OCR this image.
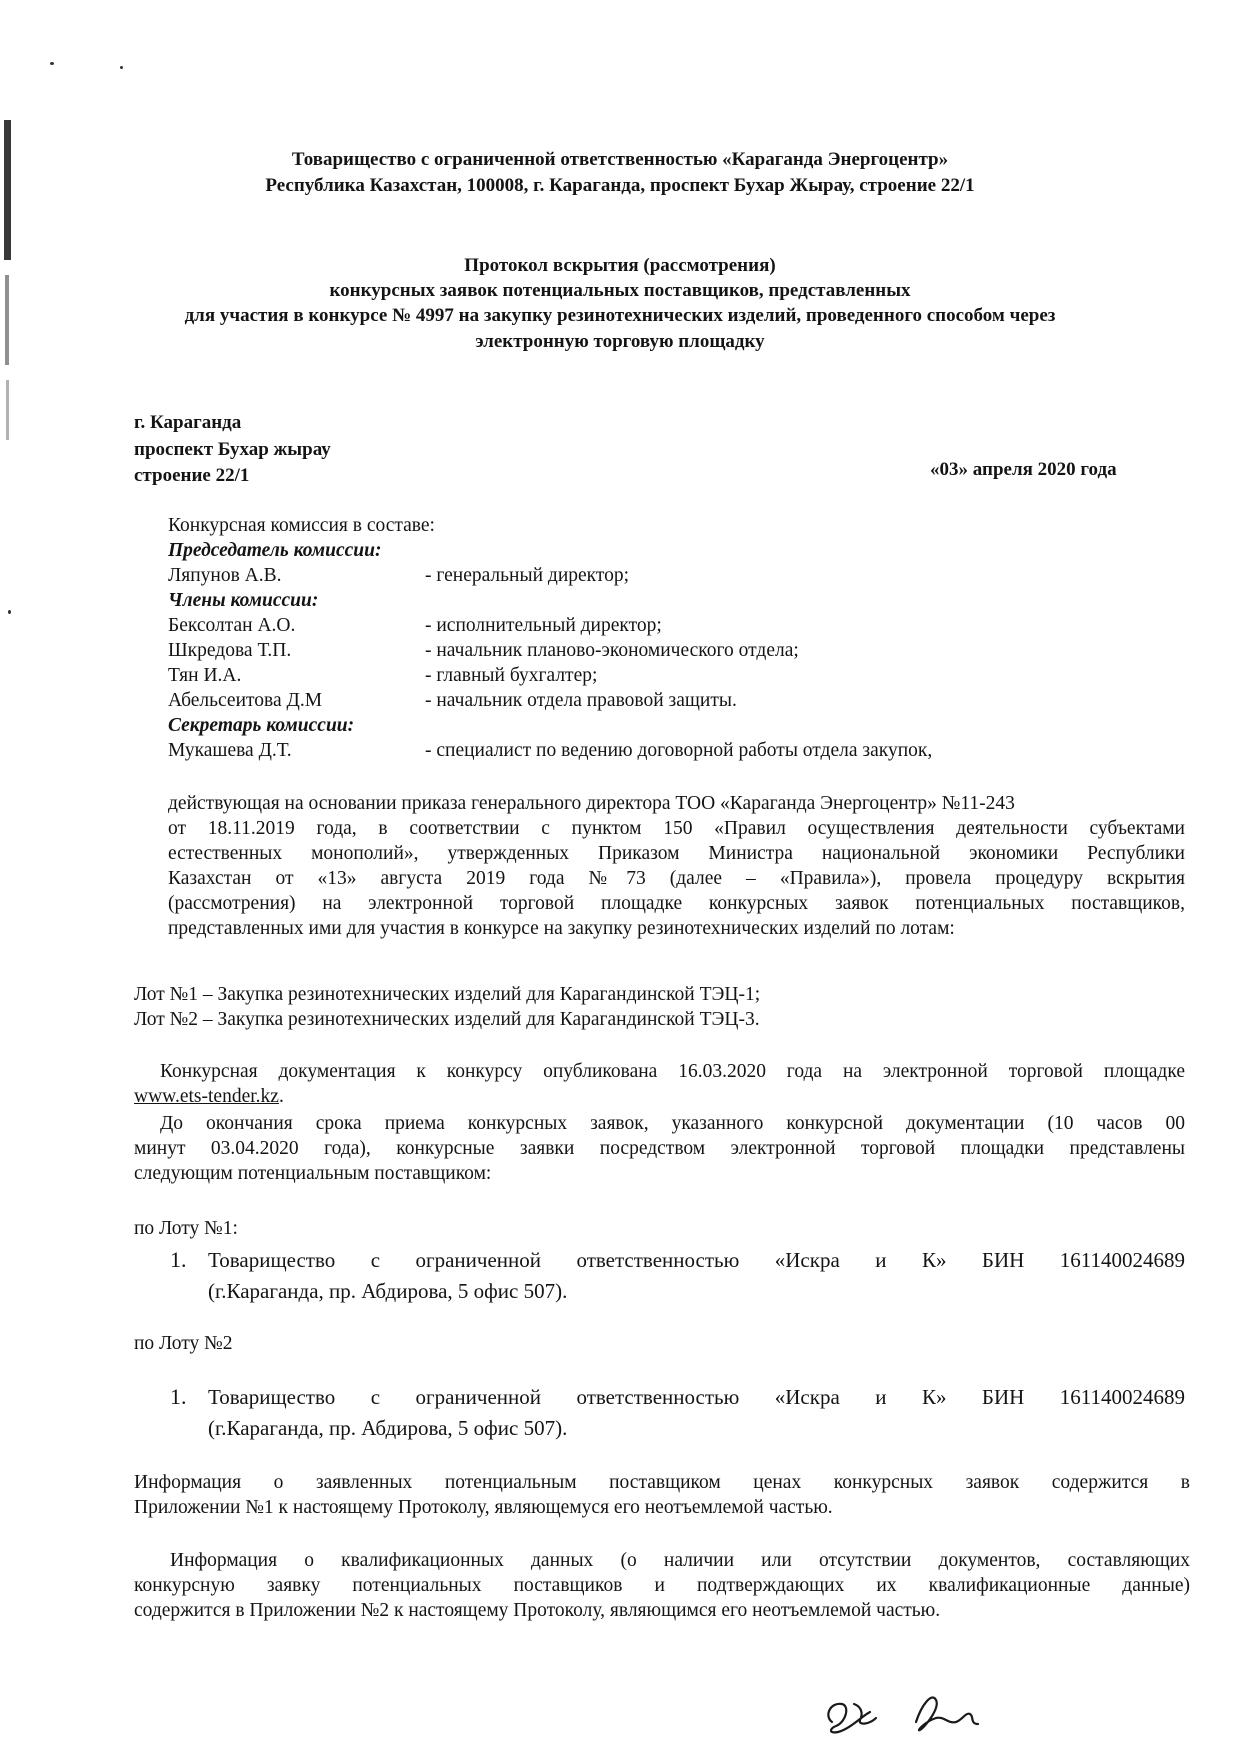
Товарищество с ограниченной ответственностью «Караганда Энергоцентр»
Республика Казахстан, 100008, г. Караганда, проспект Бухар Жырау, строение 22/1
Протокол вскрытия (рассмотрения)
конкурсных заявок потенциальных поставщиков, представленных
для участия в конкурсе № 4997 на закупку резинотехнических изделий, проведенного способом через
электронную торговую площадку
г. Караганда
проспект Бухар жырау
строение 22/1	«03» апреля 2020 года
Конкурсная комиссия в составе:
Председатель комиссии:
Ляпунов А.В.	- генеральный директор;
Члены комиссии:
Бексолтан А.О.	- исполнительный директор;
Шкредова Т.П.	- начальник планово-экономического отдела;
Тян И.А.	- главный бухгалтер;
Абельсеитова Д.М	- начальник отдела правовой защиты.
Секретарь комиссии:
Мукашева Д.Т.	- специалист по ведению договорной работы отдела закупок,
действующая на основании приказа генерального директора ТОО «Караганда Энергоцентр» №11-243
от 18.11.2019 года, в соответствии с пунктом 150 «Правил осуществления деятельности субъектами
естественных монополий», утвержденных Приказом Министра национальной экономики Республики
Казахстан от «13» августа 2019 года №73 (далее – «Правила»), провела процедуру вскрытия
(рассмотрения) на электронной торговой площадке конкурсных заявок потенциальных поставщиков,
представленных ими для участия в конкурсе на закупку резинотехнических изделий по лотам:
Лот №1 – Закупка резинотехнических изделий для Карагандинской ТЭЦ-1;
Лот №2 – Закупка резинотехнических изделий для Карагандинской ТЭЦ-3.
Конкурсная документация к конкурсу опубликована 16.03.2020 года на электронной торговой площадке
www.ets-tender.kz.
До окончания срока приема конкурсных заявок, указанного конкурсной документации (10 часов 00
минут 03.04.2020 года), конкурсные заявки посредством электронной торговой площадки представлены
следующим потенциальным поставщиком:
по Лоту №1:
1. Товарищество с ограниченной ответственностью «Искра и К» БИН 161140024689
(г.Караганда, пр. Абдирова, 5 офис 507).
по Лоту №2
1. Товарищество с ограниченной ответственностью «Искра и К» БИН 161140024689
(г.Караганда, пр. Абдирова, 5 офис 507).
Информация о заявленных потенциальным поставщиком ценах конкурсных заявок содержится в
Приложении №1 к настоящему Протоколу, являющемуся его неотъемлемой частью.
Информация о квалификационных данных (о наличии или отсутствии документов, составляющих
конкурсную заявку потенциальных поставщиков и подтверждающих их квалификационные данные)
содержится в Приложении №2 к настоящему Протоколу, являющимся его неотъемлемой частью.
